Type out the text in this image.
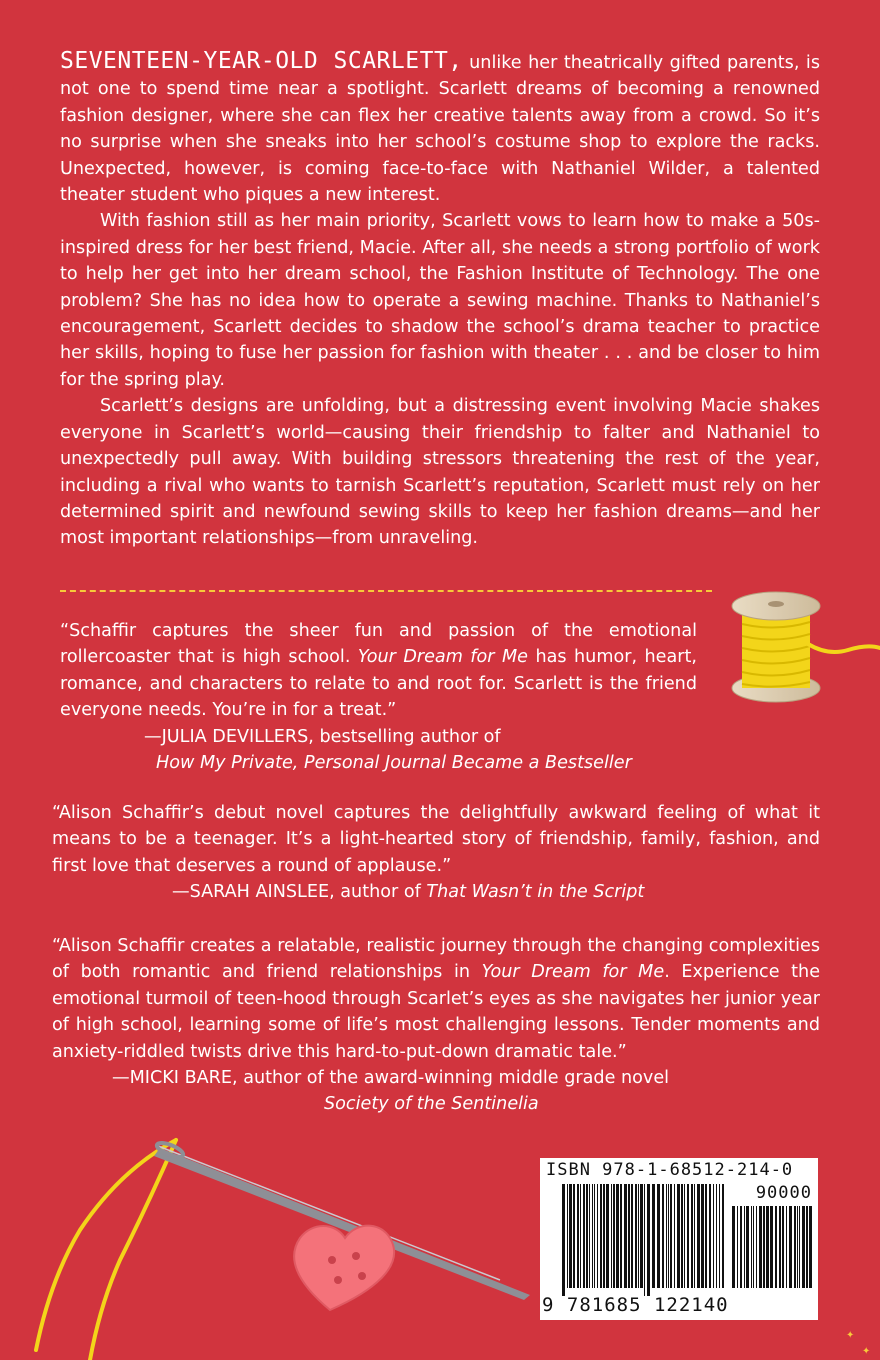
SEVENTEEN-YEAR-OLD SCARLETT, unlike her theatrically gifted parents, is not one to spend time near a spotlight. Scarlett dreams of becoming a renowned fashion designer, where she can flex her creative talents away from a crowd. So it’s no surprise when she sneaks into her school’s costume shop to explore the racks. Unexpected, however, is coming face-to-face with Nathaniel Wilder, a talented theater student who piques a new interest.

With fashion still as her main priority, Scarlett vows to learn how to make a 50s-inspired dress for her best friend, Macie. After all, she needs a strong portfolio of work to help her get into her dream school, the Fashion Institute of Technology. The one problem? She has no idea how to operate a sewing machine. Thanks to Nathaniel’s encouragement, Scarlett decides to shadow the school’s drama teacher to practice her skills, hoping to fuse her passion for fashion with theater . . . and be closer to him for the spring play.

Scarlett’s designs are unfolding, but a distressing event involving Macie shakes everyone in Scarlett’s world—causing their friendship to falter and Nathaniel to unexpectedly pull away. With building stressors threatening the rest of the year, including a rival who wants to tarnish Scarlett’s reputation, Scarlett must rely on her determined spirit and newfound sewing skills to keep her fashion dreams—and her most important relationships—from unraveling.

“Schaffir captures the sheer fun and passion of the emotional rollercoaster that is high school. Your Dream for Me has humor, heart, romance, and characters to relate to and root for. Scarlett is the friend everyone needs. You’re in for a treat.”

—JULIA DEVILLERS, bestselling author of

How My Private, Personal Journal Became a Bestseller

“Alison Schaffir’s debut novel captures the delightfully awkward feeling of what it means to be a teenager. It’s a light-hearted story of friendship, family, fashion, and first love that deserves a round of applause.”

—SARAH AINSLEE, author of That Wasn’t in the Script

“Alison Schaffir creates a relatable, realistic journey through the changing complexities of both romantic and friend relationships in Your Dream for Me. Experience the emotional turmoil of teen-hood through Scarlet’s eyes as she navigates her junior year of high school, learning some of life’s most challenging lessons. Tender moments and anxiety-riddled twists drive this hard-to-put-down dramatic tale.”

—MICKI BARE, author of the award-winning middle grade novel

Society of the Sentinelia

ISBN 978-1-68512-214-0
90000
9 781685 122140
✦
✦
